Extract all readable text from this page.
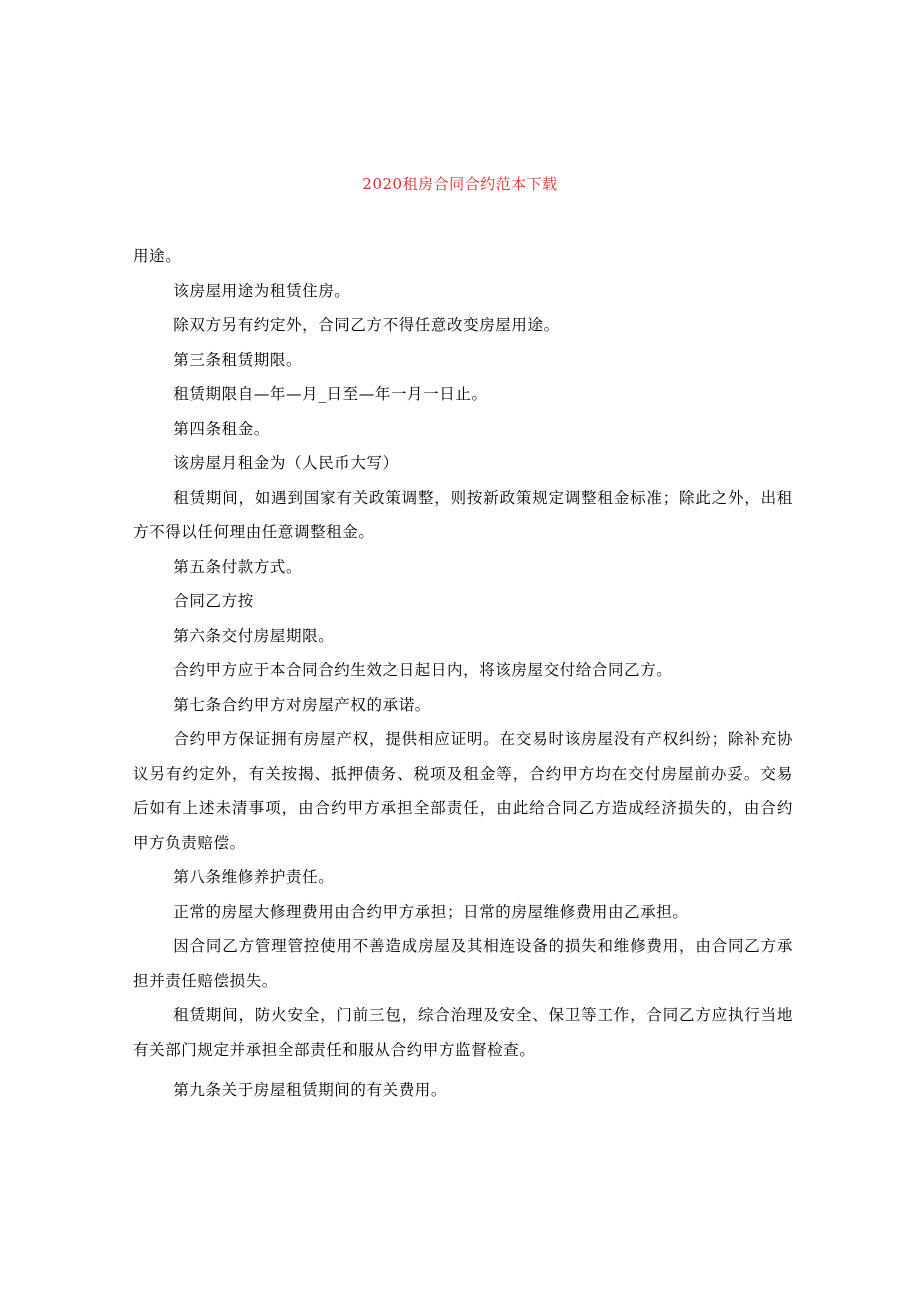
2020租房合同合约范本下载

用途。

该房屋用途为租赁住房。

除双方另有约定外，合同乙方不得任意改变房屋用途。

第三条租赁期限。

租赁期限自—年—月_日至—年一月一日止。

第四条租金。

该房屋月租金为（人民币大写）

租赁期间，如遇到国家有关政策调整，则按新政策规定调整租金标准；除此之外，出租方不得以任何理由任意调整租金。

第五条付款方式。

合同乙方按

第六条交付房屋期限。

合约甲方应于本合同合约生效之日起日内，将该房屋交付给合同乙方。

第七条合约甲方对房屋产权的承诺。

合约甲方保证拥有房屋产权，提供相应证明。在交易时该房屋没有产权纠纷；除补充协议另有约定外，有关按揭、抵押债务、税项及租金等，合约甲方均在交付房屋前办妥。交易后如有上述未清事项，由合约甲方承担全部责任，由此给合同乙方造成经济损失的，由合约甲方负责赔偿。

第八条维修养护责任。

正常的房屋大修理费用由合约甲方承担；日常的房屋维修费用由乙承担。

因合同乙方管理管控使用不善造成房屋及其相连设备的损失和维修费用，由合同乙方承担并责任赔偿损失。

租赁期间，防火安全，门前三包，综合治理及安全、保卫等工作，合同乙方应执行当地有关部门规定并承担全部责任和服从合约甲方监督检查。

第九条关于房屋租赁期间的有关费用。
